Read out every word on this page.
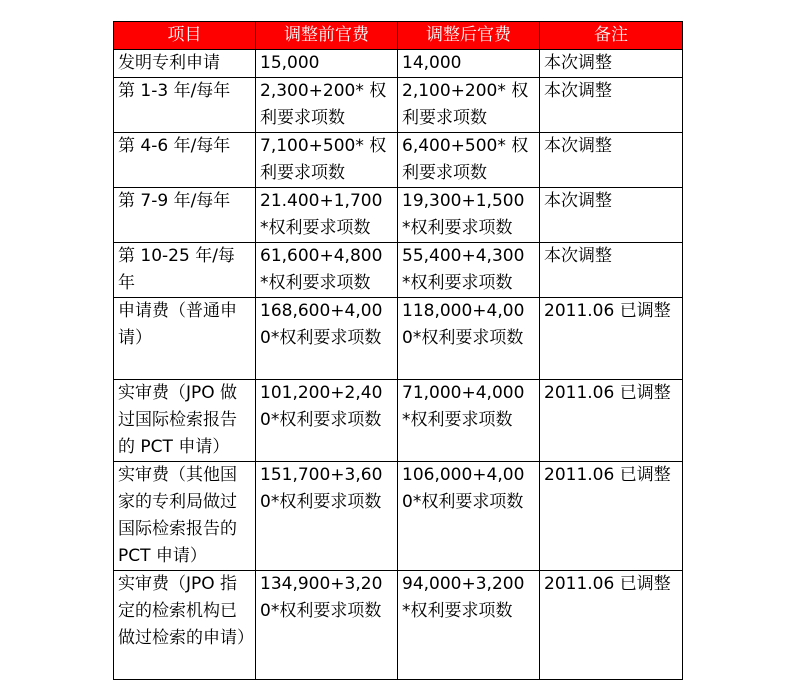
项目	调整前官费	调整后官费	备注
发明专利申请	15,000	14,000	本次调整
第 1-3 年/每年	2,300+200* 权利要求项数	2,100+200* 权利要求项数	本次调整
第 4-6 年/每年	7,100+500* 权利要求项数	6,400+500* 权利要求项数	本次调整
第 7-9 年/每年	21.400+1,700 *权利要求项数	19,300+1,500 *权利要求项数	本次调整
第 10-25 年/每年	61,600+4,800 *权利要求项数	55,400+4,300 *权利要求项数	本次调整
申请费（普通申请）	168,600+4,000*权利要求项数	118,000+4,000*权利要求项数	2011.06 已调整
实审费（JPO 做过国际检索报告的 PCT 申请）	101,200+2,400*权利要求项数	71,000+4,000 *权利要求项数	2011.06 已调整
实审费（其他国家的专利局做过国际检索报告的 PCT 申请）	151,700+3,600*权利要求项数	106,000+4,000*权利要求项数	2011.06 已调整
实审费（JPO 指定的检索机构已做过检索的申请）	134,900+3,200*权利要求项数	94,000+3,200 *权利要求项数	2011.06 已调整
